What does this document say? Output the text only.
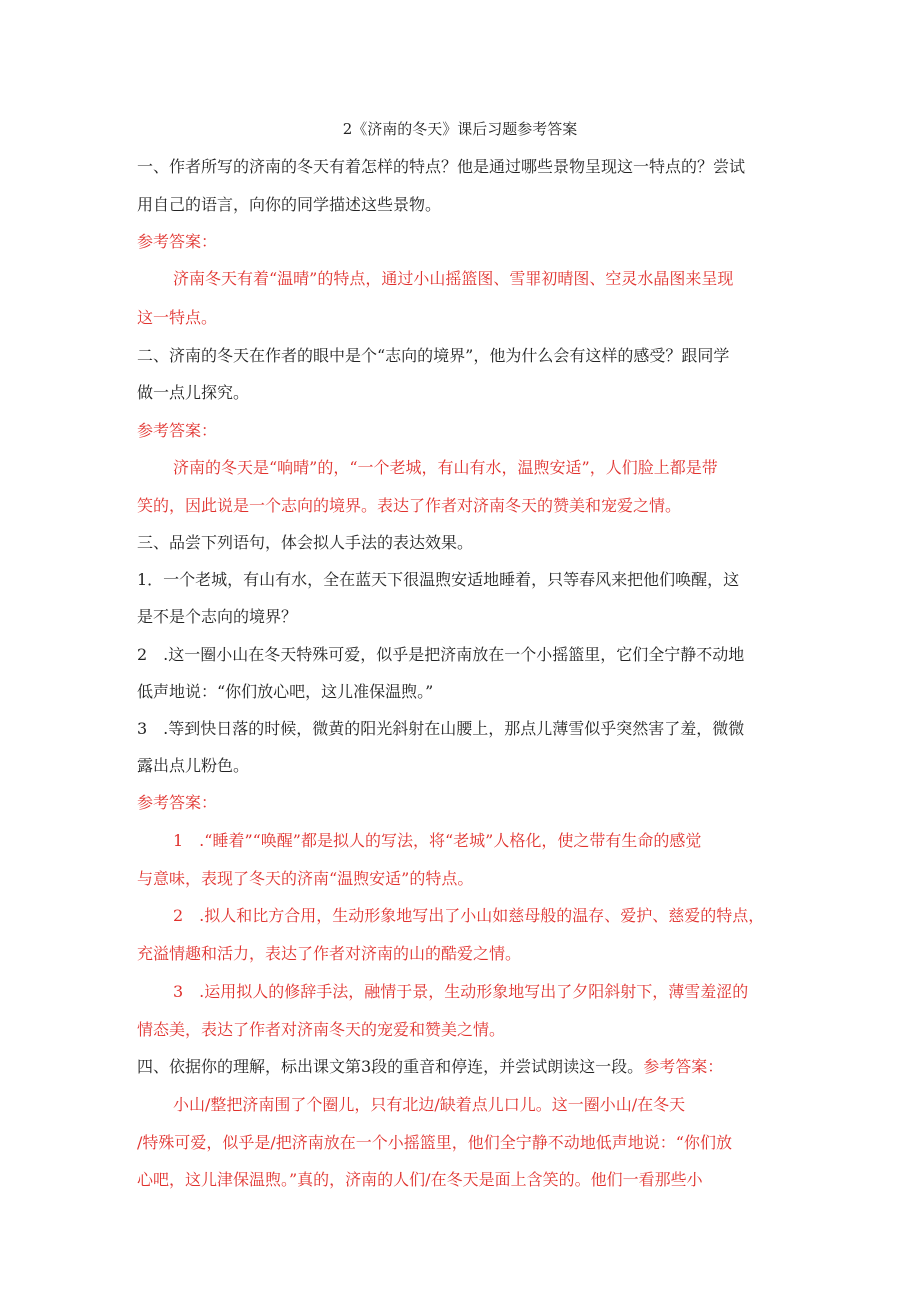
2《济南的冬天》课后习题参考答案
一、作者所写的济南的冬天有着怎样的特点？他是通过哪些景物呈现这一特点的？尝试
用自己的语言，向你的同学描述这些景物。
参考答案：
济南冬天有着“温晴”的特点，通过小山摇篮图、雪罪初晴图、空灵水晶图来呈现
这一特点。
二、济南的冬天在作者的眼中是个“志向的境界”，他为什么会有这样的感受？跟同学
做一点儿探究。
参考答案：
济南的冬天是“响晴”的，“一个老城，有山有水，温煦安适”，人们脸上都是带
笑的，因此说是一个志向的境界。表达了作者对济南冬天的赞美和宠爱之情。
三、品尝下列语句，体会拟人手法的表达效果。
1．一个老城，有山有水，全在蓝天下很温煦安适地睡着，只等春风来把他们唤醒，这
是不是个志向的境界？
2　.这一圈小山在冬天特殊可爱，似乎是把济南放在一个小摇篮里，它们全宁静不动地
低声地说：“你们放心吧，这儿准保温煦。”
3　.等到快日落的时候，微黄的阳光斜射在山腰上，那点儿薄雪似乎突然害了羞，微微
露出点儿粉色。
参考答案：
1　.“睡着”“唤醒”都是拟人的写法，将“老城”人格化，使之带有生命的感觉
与意味，表现了冬天的济南“温煦安适”的特点。
2　.拟人和比方合用，生动形象地写出了小山如慈母般的温存、爱护、慈爱的特点，
充溢情趣和活力，表达了作者对济南的山的酷爱之情。
3　.运用拟人的修辞手法，融情于景，生动形象地写出了夕阳斜射下，薄雪羞涩的
情态美，表达了作者对济南冬天的宠爱和赞美之情。
四、依据你的理解，标出课文第3段的重音和停连，并尝试朗读这一段。参考答案：
小山/整把济南围了个圈儿，只有北边/缺着点儿口儿。这一圈小山/在冬天
/特殊可爱，似乎是/把济南放在一个小摇篮里，他们全宁静不动地低声地说：“你们放
心吧，这儿津保温煦。”真的，济南的人们/在冬天是面上含笑的。他们一看那些小
